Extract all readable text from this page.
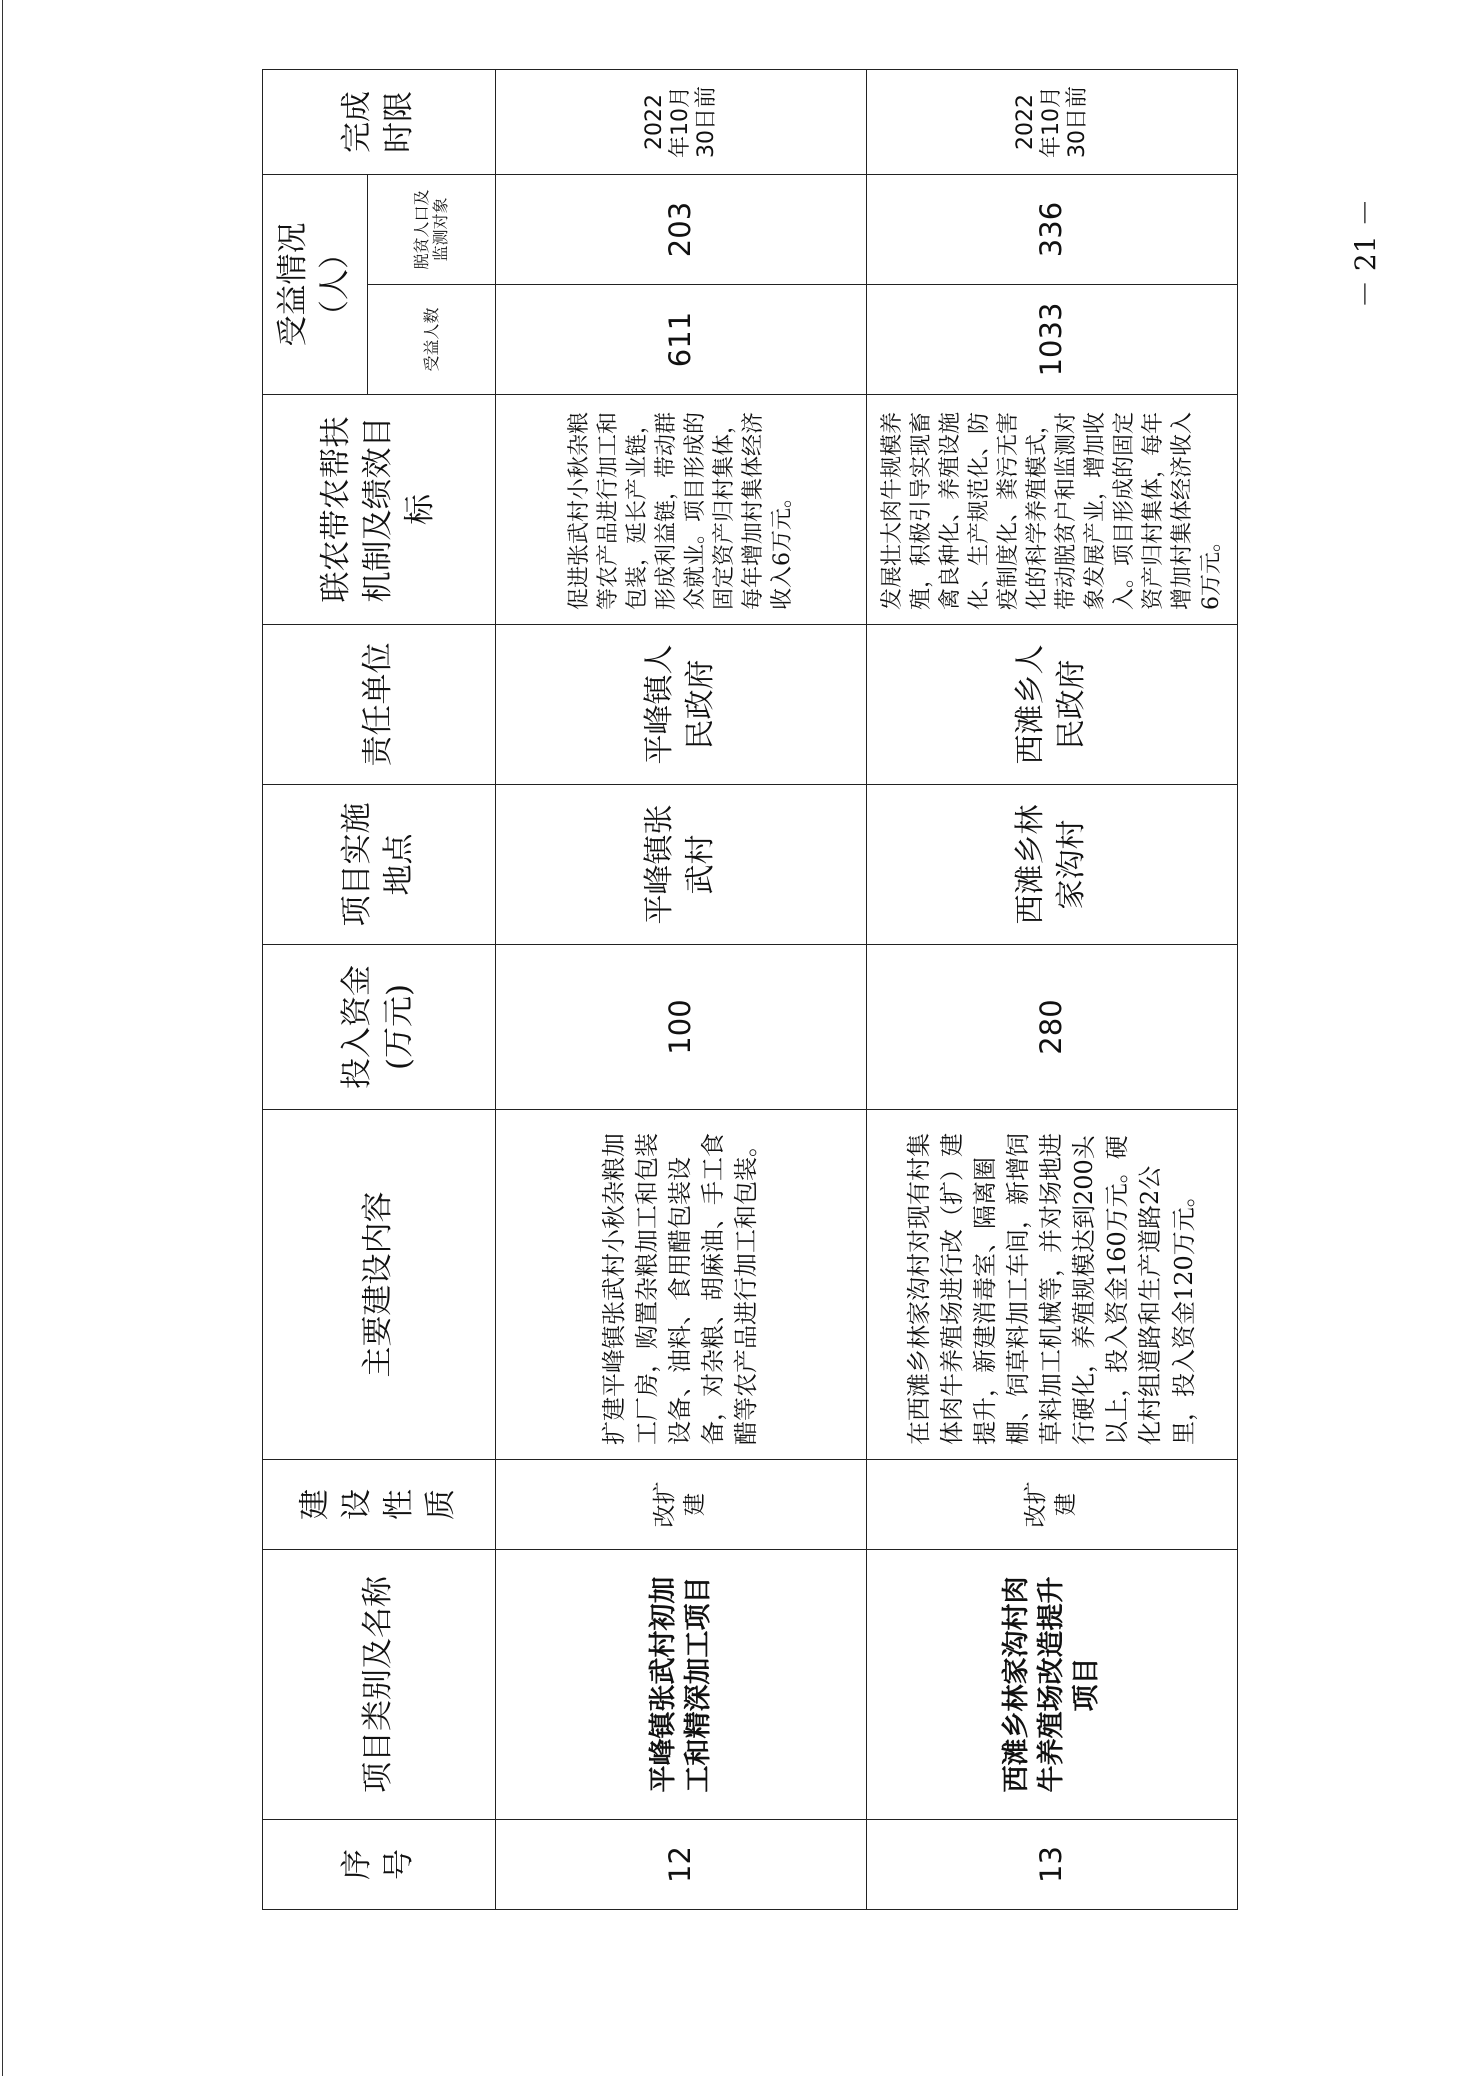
序号	项目类别及名称	建设性质	主要建设内容	投入资金(万元)	项目实施地点	责任单位	联农带农帮扶机制及绩效目标	受益情况（人）		完成时限
								受益人数	脱贫人口及监测对象	
12	平峰镇张武村初加工和精深加工项目	改扩建	扩建平峰镇张武村小秋杂粮加工厂房，购置杂粮加工和包装设备、油料、食用醋包装设备，对杂粮、胡麻油、手工食醋等农产品进行加工和包装。	100	平峰镇张武村	平峰镇人民政府	促进张武村小秋杂粮等农产品进行加工和包装，延长产业链，形成利益链，带动群众就业。项目形成的固定资产归村集体，每年增加村集体经济收入6万元。	611	203	2022年10月30日前
13	西滩乡林家沟村肉牛养殖场改造提升项目	改扩建	在西滩乡林家沟村对现有村集体肉牛养殖场进行改（扩）建提升，新建消毒室、隔离圈棚、饲草料加工车间，新增饲草料加工机械等，并对场地进行硬化，养殖规模达到200头以上，投入资金160万元。硬化村组道路和生产道路2公里，投入资金120万元。	280	西滩乡林家沟村	西滩乡人民政府	发展壮大肉牛规模养殖，积极引导实现畜禽良种化、养殖设施化、生产规范化、防疫制度化、粪污无害化的科学养殖模式，带动脱贫户和监测对象发展产业，增加收入。项目形成的固定资产归村集体，每年增加村集体经济收入6万元。	1033	336	2022年10月30日前
－ 21 －
